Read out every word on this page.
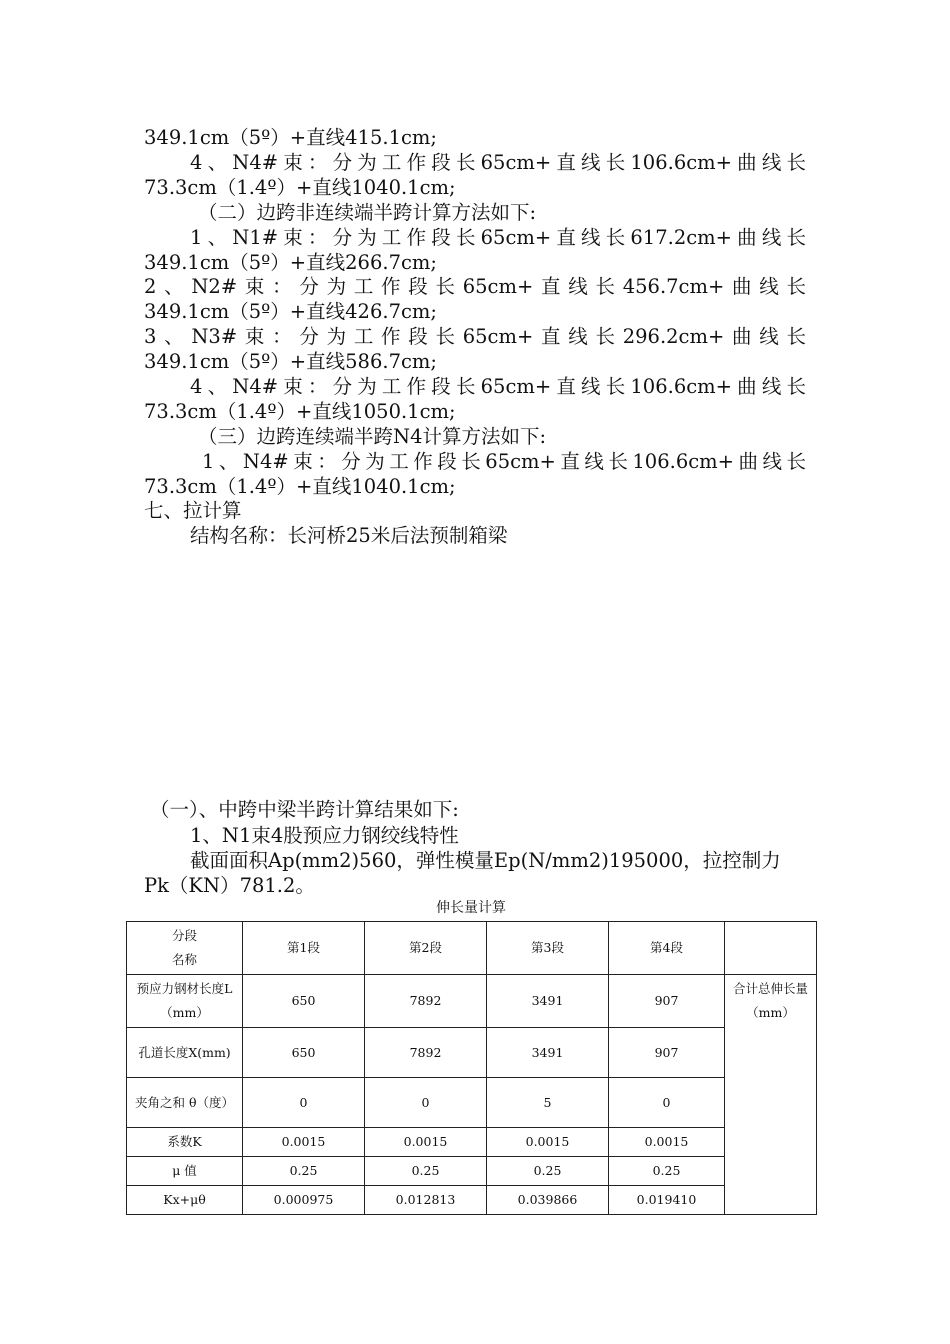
349.1cm（5º）+直线415.1cm;
4、N4#束：分为工作段长65cm+直线长106.6cm+曲线长
73.3cm（1.4º）+直线1040.1cm;
（二）边跨非连续端半跨计算方法如下:
1、N1#束：分为工作段长65cm+直线长617.2cm+曲线长
349.1cm（5º）+直线266.7cm;
2、N2#束：分为工作段长65cm+直线长456.7cm+曲线长
349.1cm（5º）+直线426.7cm;
3、N3#束：分为工作段长65cm+直线长296.2cm+曲线长
349.1cm（5º）+直线586.7cm;
4、N4#束：分为工作段长65cm+直线长106.6cm+曲线长
73.3cm（1.4º）+直线1050.1cm;
（三）边跨连续端半跨N4计算方法如下:
1、N4#束：分为工作段长65cm+直线长106.6cm+曲线长
73.3cm（1.4º）+直线1040.1cm;
七、拉计算
结构名称：长河桥25米后法预制箱梁
（一）、中跨中梁半跨计算结果如下:
1、N1束4股预应力钢绞线特性
截面面积Ap(mm2)560，弹性模量Ep(N/mm2)195000，拉控制力
Pk（KN）781.2。
伸长量计算
分段
名称	第1段	第2段	第3段	第4段	
预应力钢材长度L（mm）	650	7892	3491	907	合计总伸长量（mm）
孔道长度X(mm)	650	7892	3491	907	
夹角之和 θ（度）	0	0	5	0	
系数K	0.0015	0.0015	0.0015	0.0015	
μ 值	0.25	0.25	0.25	0.25	
Kx+μθ	0.000975	0.012813	0.039866	0.019410	
